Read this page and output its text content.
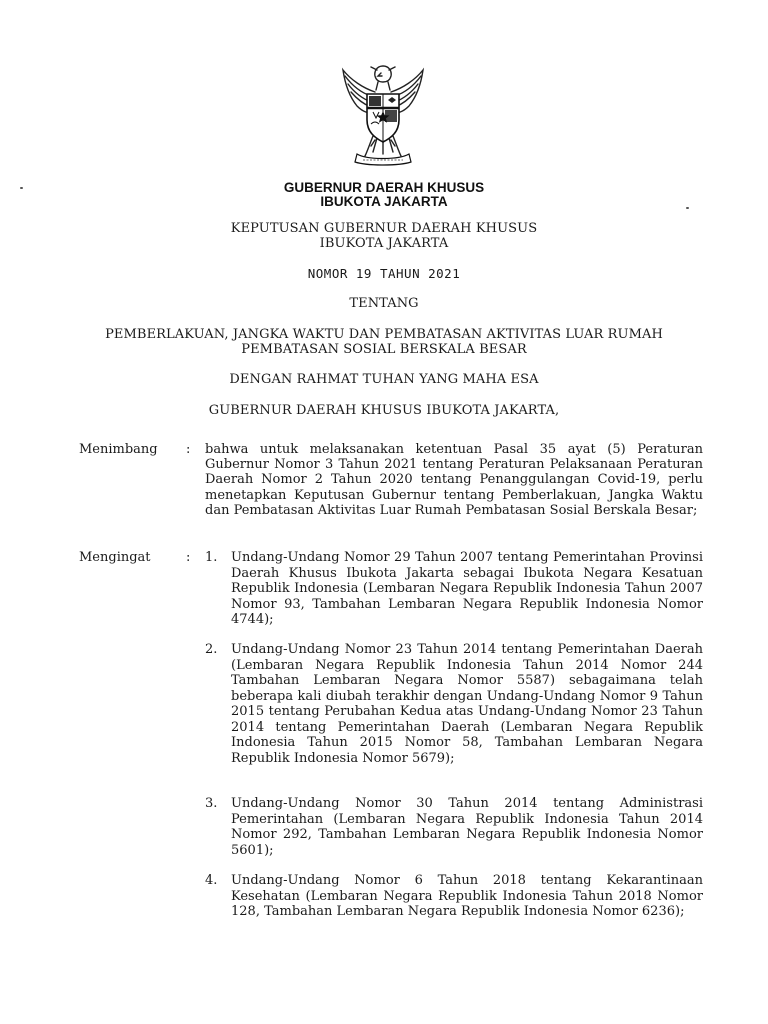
GUBERNUR DAERAH KHUSUS
IBUKOTA JAKARTA
KEPUTUSAN GUBERNUR DAERAH KHUSUS
IBUKOTA JAKARTA
NOMOR 19 TAHUN 2021
TENTANG
PEMBERLAKUAN, JANGKA WAKTU DAN PEMBATASAN AKTIVITAS LUAR RUMAH
PEMBATASAN SOSIAL BERSKALA BESAR
DENGAN RAHMAT TUHAN YANG MAHA ESA
GUBERNUR DAERAH KHUSUS IBUKOTA JAKARTA,
Menimbang : bahwa untuk melaksanakan ketentuan Pasal 35 ayat (5) Peraturan Gubernur Nomor 3 Tahun 2021 tentang Peraturan Pelaksanaan Peraturan Daerah Nomor 2 Tahun 2020 tentang Penanggulangan Covid-19, perlu menetapkan Keputusan Gubernur tentang Pemberlakuan, Jangka Waktu dan Pembatasan Aktivitas Luar Rumah Pembatasan Sosial Berskala Besar;
Mengingat	: 1. Undang-Undang Nomor 29 Tahun 2007 tentang Pemerintahan Provinsi Daerah Khusus Ibukota Jakarta sebagai Ibukota Negara Kesatuan Republik Indonesia (Lembaran Negara Republik Indonesia Tahun 2007 Nomor 93, Tambahan Lembaran Negara Republik Indonesia Nomor 4744);
2. Undang-Undang Nomor 23 Tahun 2014 tentang Pemerintahan Daerah (Lembaran Negara Republik Indonesia Tahun 2014 Nomor 244 Tambahan Lembaran Negara Nomor 5587) sebagaimana telah beberapa kali diubah terakhir dengan Undang-Undang Nomor 9 Tahun 2015 tentang Perubahan Kedua atas Undang-Undang Nomor 23 Tahun 2014 tentang Pemerintahan Daerah (Lembaran Negara Republik Indonesia Tahun 2015 Nomor 58, Tambahan Lembaran Negara Republik Indonesia Nomor 5679);
3. Undang-Undang Nomor 30 Tahun 2014 tentang Administrasi Pemerintahan (Lembaran Negara Republik Indonesia Tahun 2014 Nomor 292, Tambahan Lembaran Negara Republik Indonesia Nomor 5601);
4. Undang-Undang Nomor 6 Tahun 2018 tentang Kekarantinaan Kesehatan (Lembaran Negara Republik Indonesia Tahun 2018 Nomor 128, Tambahan Lembaran Negara Republik Indonesia Nomor 6236);
